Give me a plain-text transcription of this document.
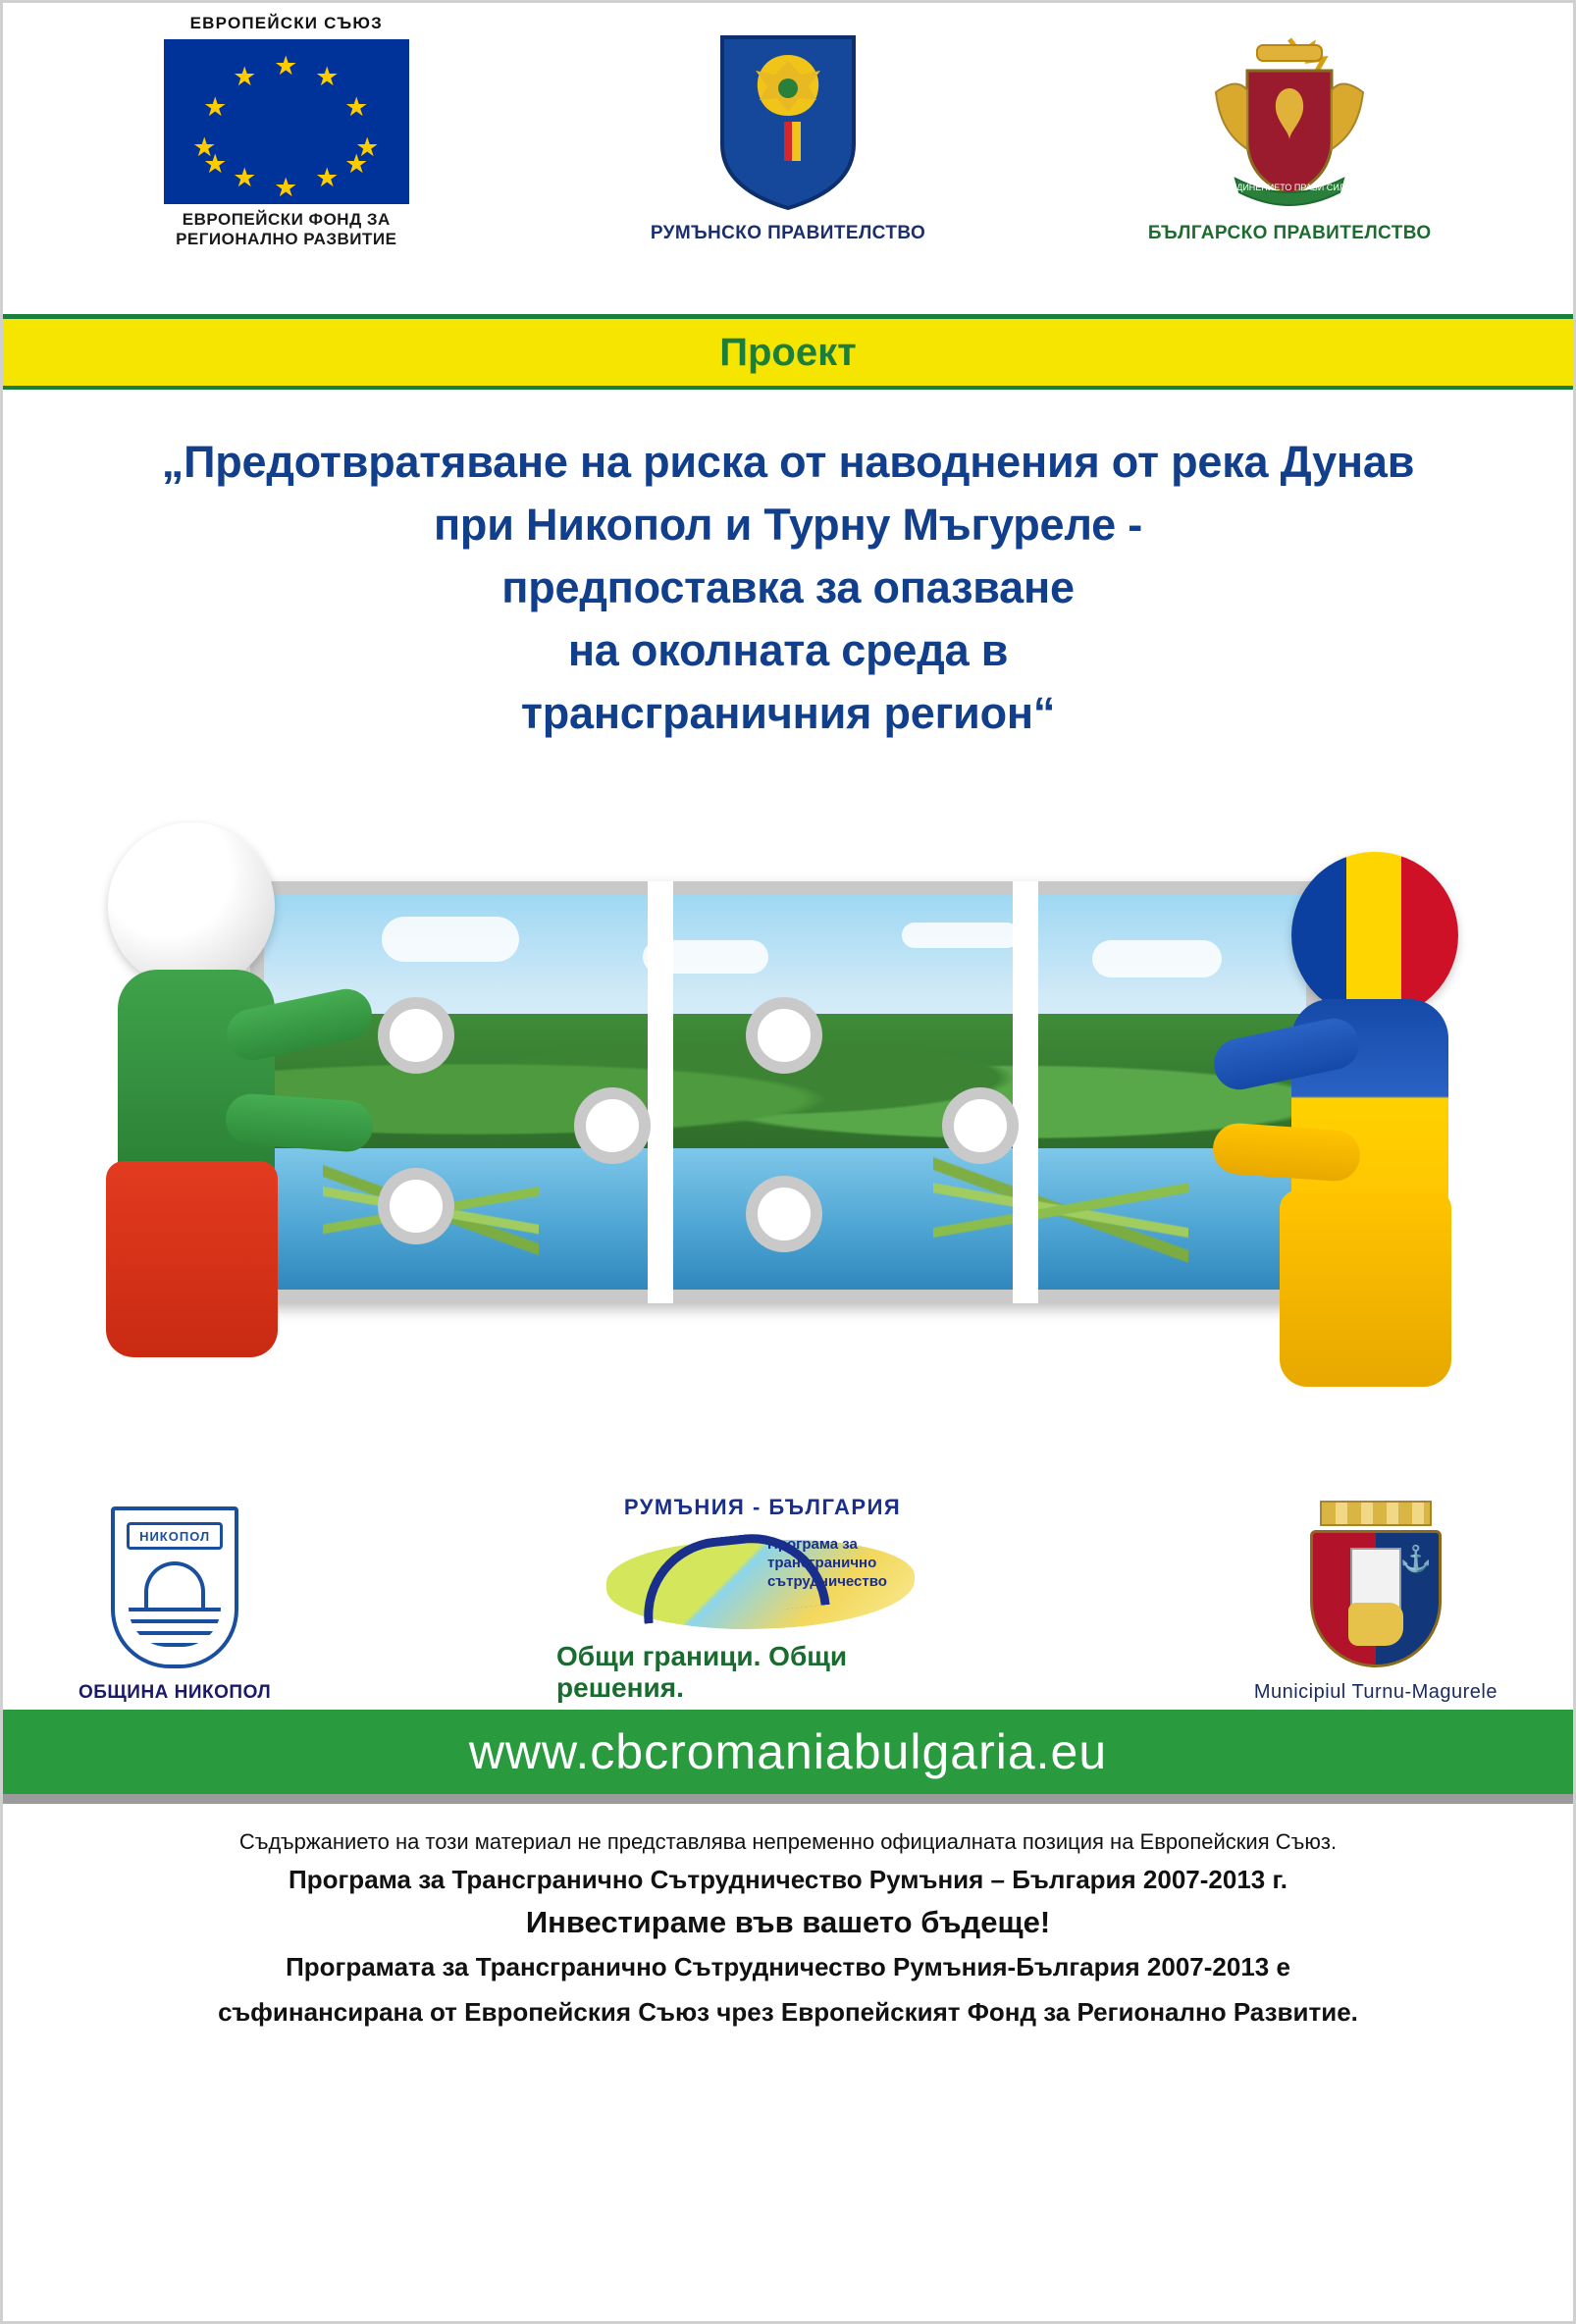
ЕВРОПЕЙСКИ СЪЮЗ
★ ★
★
★
★
★
★
★
★
★
★
★
ЕВРОПЕЙСКИ ФОНД ЗА
РЕГИОНАЛНО РАЗВИТИЕ	РУМЪНСКО ПРАВИТЕЛСТВО
СЪЕДИНЕНИЕТО ПРАВИ СИЛАТА
БЪЛГАРСКО ПРАВИТЕЛСТВО
Проект
„Предотвратяване на риска от наводнения от река Дунав
при Никопол и Турну Мъгуреле -
предпоставка за опазване
на околната среда в
трансграничния регион“
НИКОПОЛ
ОБЩИНА НИКОПОЛ
РУМЪНИЯ - БЪЛГАРИЯ
Програма за
трансгранично
сътрудничество
Общи граници. Общи решения.
⚓
Municipiul Turnu-Magurele
www.cbcromaniabulgaria.eu

Съдържанието на този материал не представлява непременно официалната позиция на Европейския Съюз.

Програма за Трансгранично Сътрудничество Румъния – България 2007-2013 г.

Инвестираме във вашето бъдеще!

Програмата за Трансгранично Сътрудничество Румъния-България 2007-2013 е

съфинансирана от Европейския Съюз чрез Европейският Фонд за Регионално Развитие.
